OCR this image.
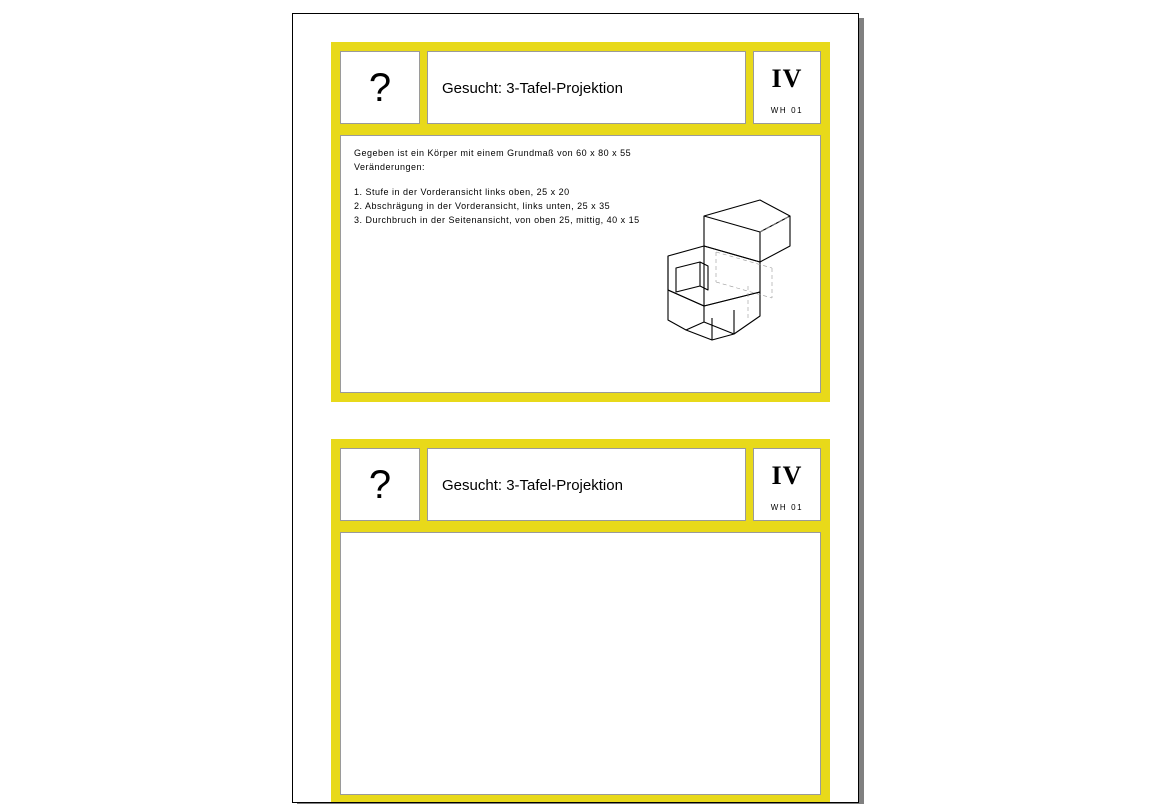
?	Gesucht: 3-Tafel-Projektion	IV
WH 01
Gegeben ist ein Körper mit einem Grundmaß von 60 x 80 x 55
Veränderungen:
1. Stufe in der Vorderansicht links oben, 25 x 20
2. Abschrägung in der Vorderansicht, links unten, 25 x 35
3. Durchbruch in der Seitenansicht, von oben 25, mittig, 40 x 15
?	Gesucht: 3-Tafel-Projektion	IV
WH 01
